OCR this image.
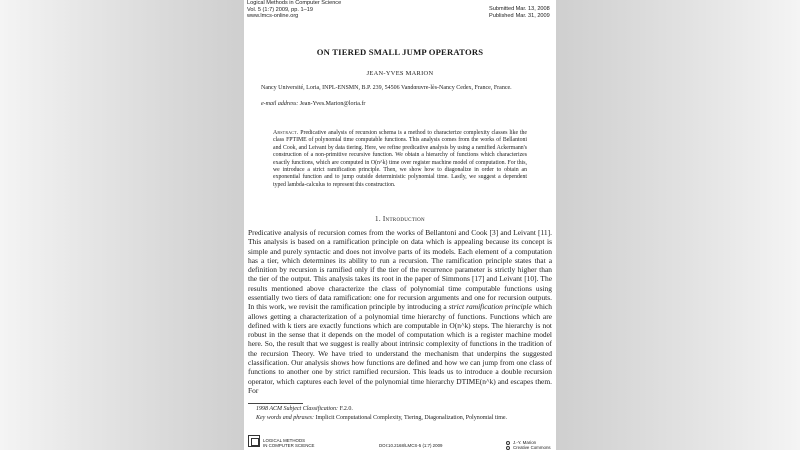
Logical Methods in Computer Science
Vol. 5 (1:7) 2009, pp. 1–19
www.lmcs-online.org
Submitted Mar. 13, 2008
Published Mar. 31, 2009
ON TIERED SMALL JUMP OPERATORS
JEAN-YVES MARION
Nancy Université, Loria, INPL-ENSMN, B.P. 239, 54506 Vandœuvre-lès-Nancy Cedex, France, France.
e-mail address: Jean-Yves.Marion@loria.fr
Abstract. Predicative analysis of recursion schema is a method to characterize complexity classes like the class FPTIME of polynomial time computable functions. This analysis comes from the works of Bellantoni and Cook, and Leivant by data tiering. Here, we refine predicative analysis by using a ramified Ackermann's construction of a non-primitive recursive function. We obtain a hierarchy of functions which characterizes exactly functions, which are computed in O(n^k) time over register machine model of computation. For this, we introduce a strict ramification principle. Then, we show how to diagonalize in order to obtain an exponential function and to jump outside deterministic polynomial time. Lastly, we suggest a dependent typed lambda-calculus to represent this construction.
1. Introduction
Predicative analysis of recursion comes from the works of Bellantoni and Cook [3] and Leivant [11]. This analysis is based on a ramification principle on data which is appealing because its concept is simple and purely syntactic and does not involve parts of its models. Each element of a computation has a tier, which determines its ability to run a recursion. The ramification principle states that a definition by recursion is ramified only if the tier of the recurrence parameter is strictly higher than the tier of the output. This analysis takes its root in the paper of Simmons [17] and Leivant [10]. The results mentioned above characterize the class of polynomial time computable functions using essentially two tiers of data ramification: one for recursion arguments and one for recursion outputs. In this work, we revisit the ramification principle by introducing a strict ramification principle which allows getting a characterization of a polynomial time hierarchy of functions. Functions which are defined with k tiers are exactly functions which are computable in O(n^k) steps. The hierarchy is not robust in the sense that it depends on the model of computation which is a register machine model here. So, the result that we suggest is really about intrinsic complexity of functions in the tradition of the recursion Theory. We have tried to understand the mechanism that underpins the suggested classification. Our analysis shows how functions are defined and how we can jump from one class of functions to another one by strict ramified recursion. This leads us to introduce a double recursion operator, which captures each level of the polynomial time hierarchy DTIME(n^k) and escapes them. For
1998 ACM Subject Classification: F.2.0.
Key words and phrases: Implicit Computational Complexity, Tiering, Diagonalization, Polynomial time.
LOGICAL METHODS
IN COMPUTER SCIENCE	DOI:10.2168/LMCS-5 (1:7) 2009
J.-Y. Marion
Creative Commons
